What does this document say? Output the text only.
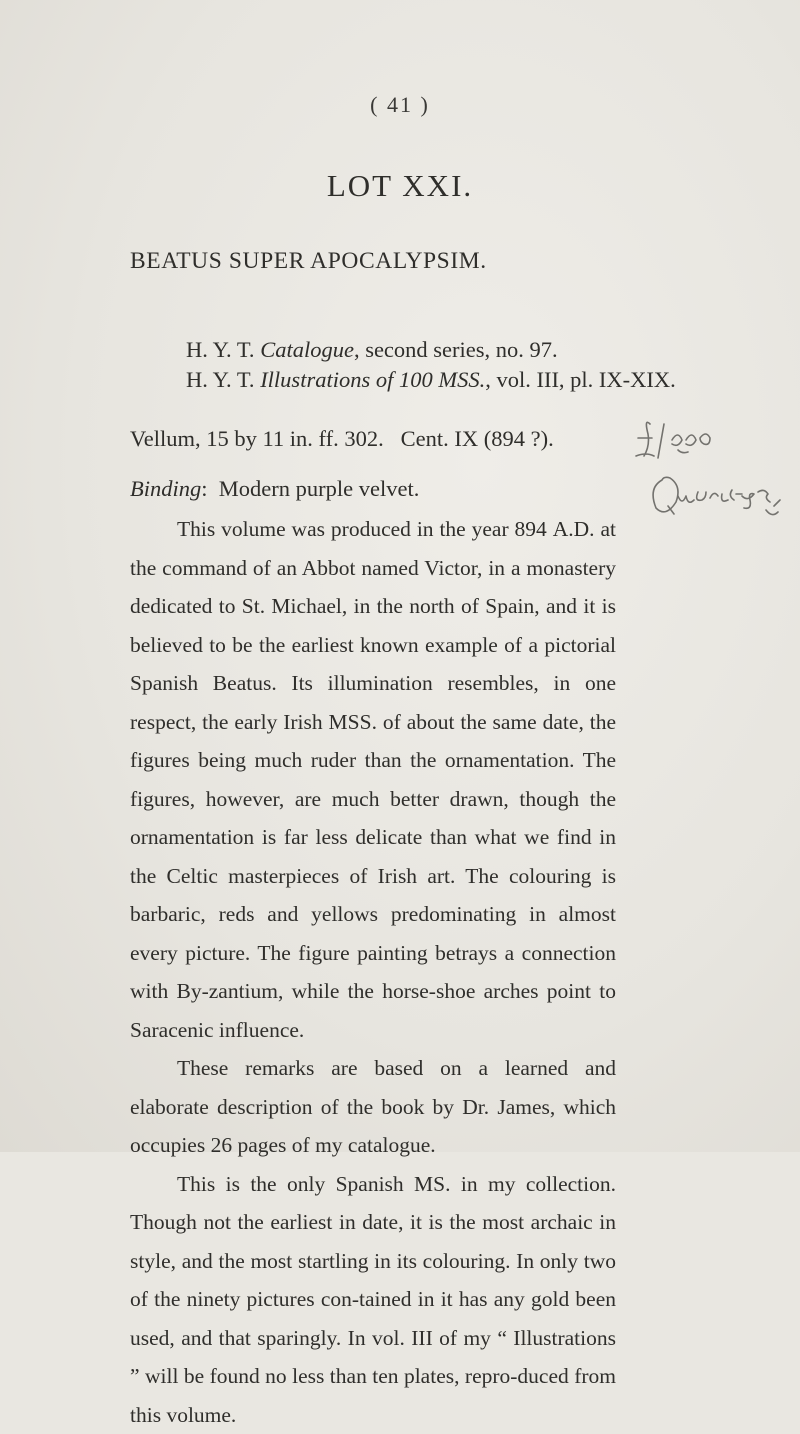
( 41 )
LOT XXI.
BEATUS SUPER APOCALYPSIM.
H. Y. T. Catalogue, second series, no. 97.
H. Y. T. Illustrations of 100 MSS., vol. III, pl. IX-XIX.
Vellum, 15 by 11 in. ff. 302.   Cent. IX (894 ?).
Binding:  Modern purple velvet.

This volume was produced in the year 894 A.D. at the command of an Abbot named Victor, in a monastery dedicated to St. Michael, in the north of Spain, and it is believed to be the earliest known example of a pictorial Spanish Beatus. Its illumination resembles, in one respect, the early Irish MSS. of about the same date, the figures being much ruder than the ornamentation. The figures, however, are much better drawn, though the ornamentation is far less delicate than what we find in the Celtic masterpieces of Irish art. The colouring is barbaric, reds and yellows predominating in almost every picture. The figure painting betrays a connection with By-zantium, while the horse-shoe arches point to Saracenic influence.

These remarks are based on a learned and elaborate description of the book by Dr. James, which occupies 26 pages of my catalogue.

This is the only Spanish MS. in my collection. Though not the earliest in date, it is the most archaic in style, and the most startling in its colouring. In only two of the ninety pictures con-tained in it has any gold been used, and that sparingly. In vol. III of my “ Illustrations ” will be found no less than ten plates, repro-duced from this volume.
